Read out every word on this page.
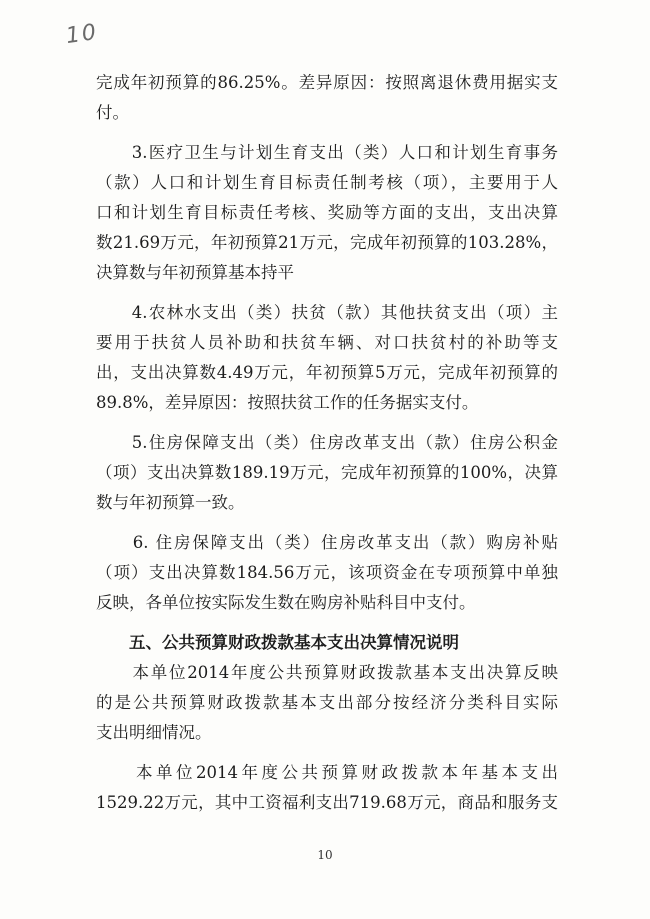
10
完成年初预算的86.25%。差异原因：按照离退休费用据实支
付。
　　3.医疗卫生与计划生育支出（类）人口和计划生育事务
（款）人口和计划生育目标责任制考核（项），主要用于人
口和计划生育目标责任考核、奖励等方面的支出，支出决算
数21.69万元，年初预算21万元，完成年初预算的103.28%，
决算数与年初预算基本持平
　　4.农林水支出（类）扶贫（款）其他扶贫支出（项）主
要用于扶贫人员补助和扶贫车辆、对口扶贫村的补助等支
出，支出决算数4.49万元，年初预算5万元，完成年初预算的
89.8%，差异原因：按照扶贫工作的任务据实支付。
　　5.住房保障支出（类）住房改革支出（款）住房公积金
（项）支出决算数189.19万元，完成年初预算的100%，决算
数与年初预算一致。
　　6. 住房保障支出（类）住房改革支出（款）购房补贴
（项）支出决算数184.56万元，该项资金在专项预算中单独
反映，各单位按实际发生数在购房补贴科目中支付。
　　五、公共预算财政拨款基本支出决算情况说明
　　本单位2014年度公共预算财政拨款基本支出决算反映
的是公共预算财政拨款基本支出部分按经济分类科目实际
支出明细情况。
　　本单位2014年度公共预算财政拨款本年基本支出
1529.22万元，其中工资福利支出719.68万元，商品和服务支
10
